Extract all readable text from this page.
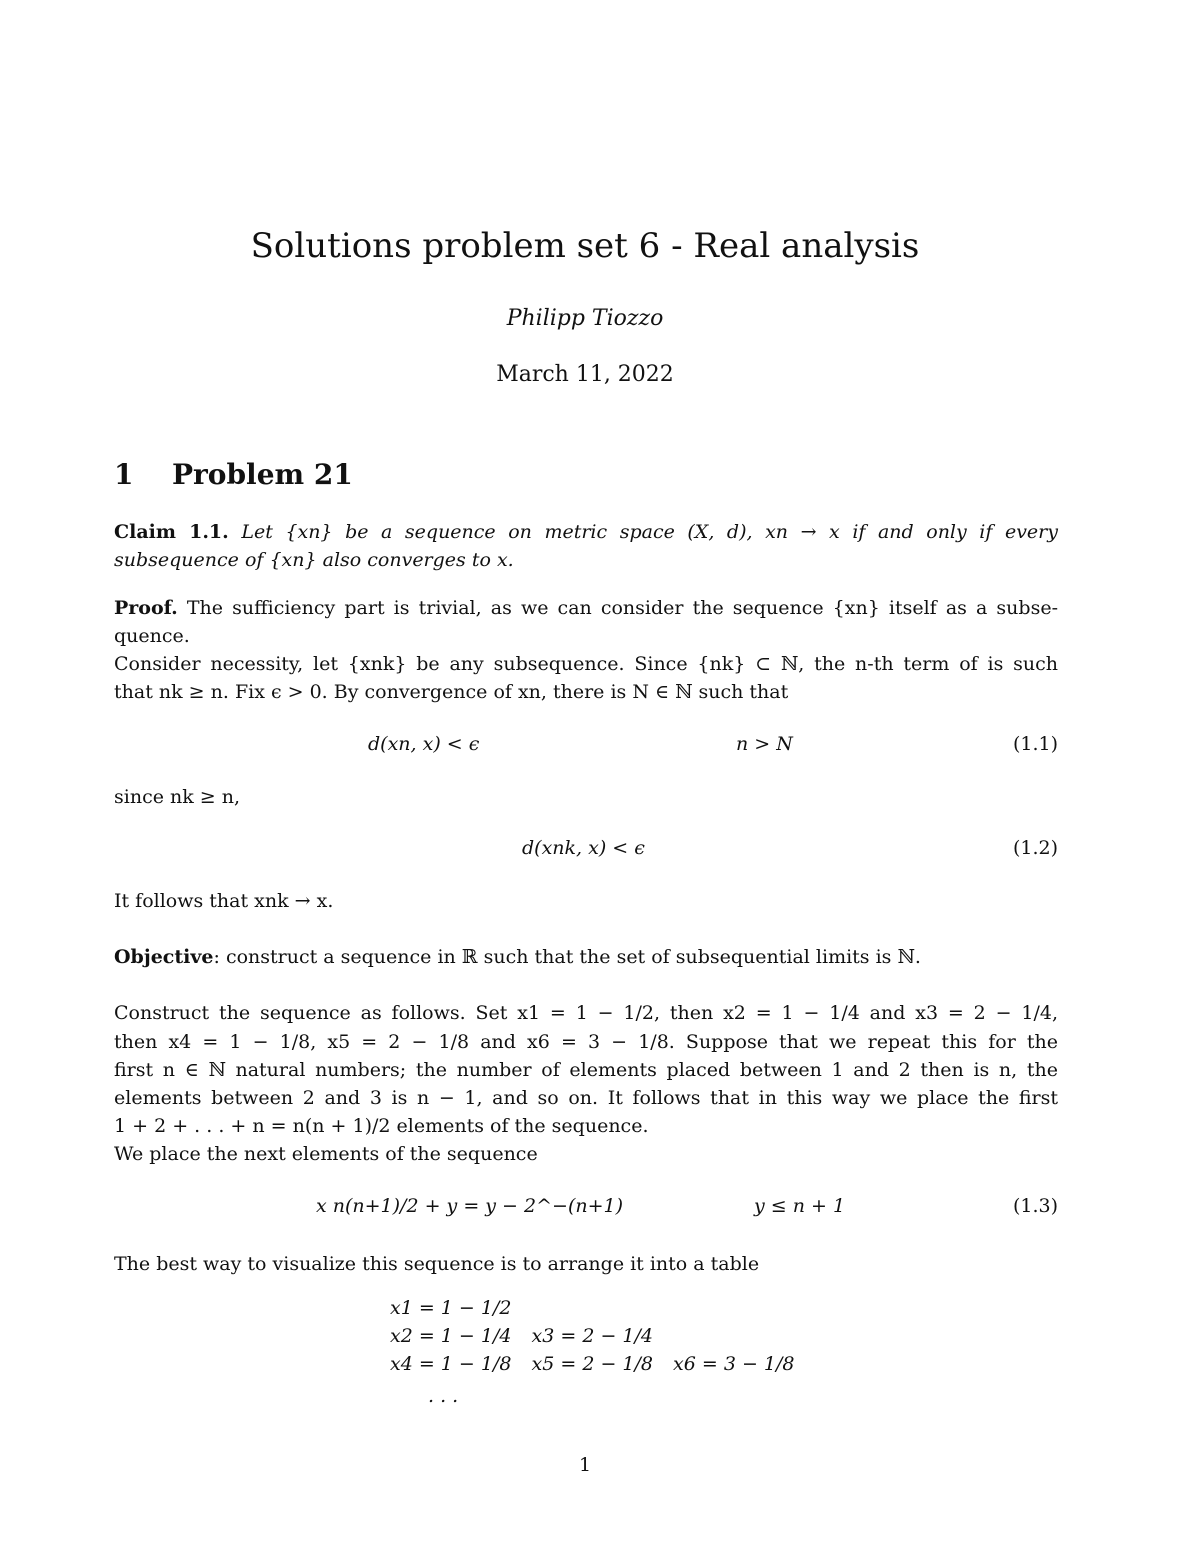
Solutions problem set 6 - Real analysis
Philipp Tiozzo
March 11, 2022
1 Problem 21
Claim 1.1. Let {xn} be a sequence on metric space (X, d), xn → x if and only if every
subsequence of {xn} also converges to x.
Proof. The sufficiency part is trivial, as we can consider the sequence {xn} itself as a subse-
quence.
Consider necessity, let {xnk} be any subsequence. Since {nk} ⊂ ℕ, the n-th term of is such
that nk ≥ n. Fix ϵ > 0. By convergence of xn, there is N ∈ ℕ such that
d(xn, x) < ϵ	n > N	(1.1)
since nk ≥ n,
d(xnk, x) < ϵ	(1.2)
It follows that xnk → x.
Objective: construct a sequence in ℝ such that the set of subsequential limits is ℕ.
Construct the sequence as follows. Set x1 = 1 − 1/2, then x2 = 1 − 1/4 and x3 = 2 − 1/4,
then x4 = 1 − 1/8, x5 = 2 − 1/8 and x6 = 3 − 1/8. Suppose that we repeat this for the
first n ∈ ℕ natural numbers; the number of elements placed between 1 and 2 then is n, the
elements between 2 and 3 is n − 1, and so on. It follows that in this way we place the first
1 + 2 + . . . + n = n(n + 1)/2 elements of the sequence.
We place the next elements of the sequence
x n(n+1)/2 + y = y − 2^−(n+1)	y ≤ n + 1	(1.3)
The best way to visualize this sequence is to arrange it into a table
x1 = 1 − 1/2
x2 = 1 − 1/4 x3 = 2 − 1/4
x4 = 1 − 1/8 x5 = 2 − 1/8 x6 = 3 − 1/8
. . .
1
